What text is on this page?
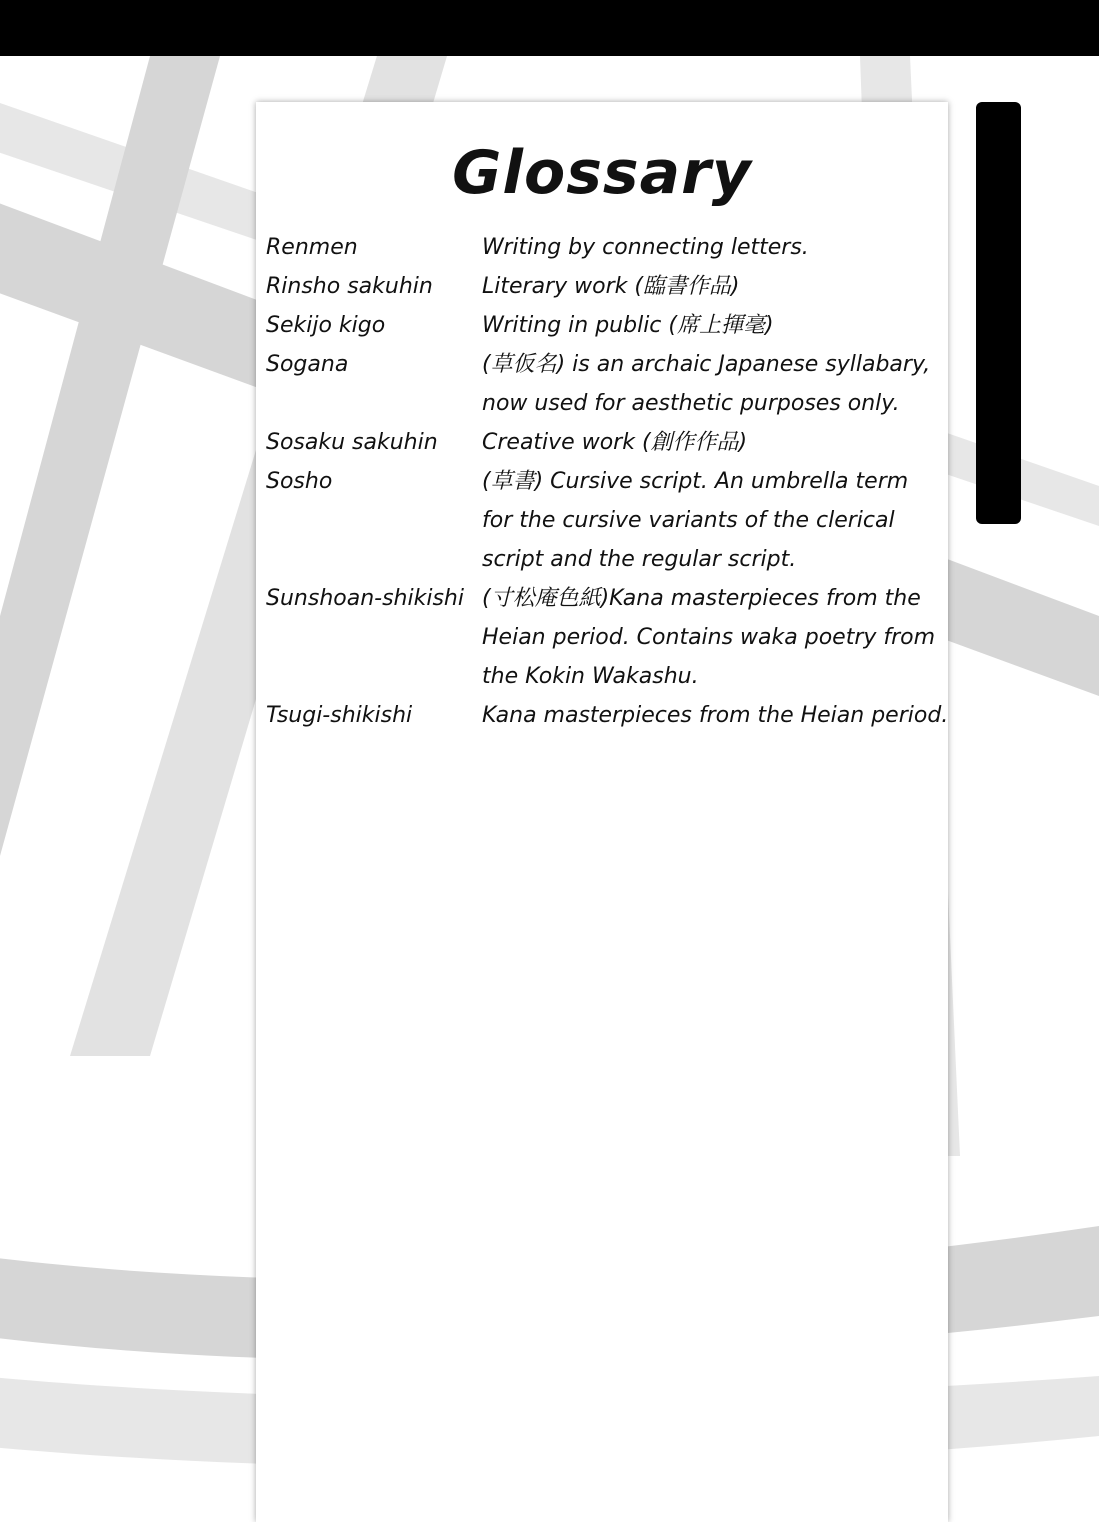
Glossary
Renmen	Writing by connecting letters.
Rinsho sakuhin	Literary work (臨書作品)
Sekijo kigo	Writing in public (席上揮毫)
Sogana	(草仮名) is an archaic Japanese syllabary,
now used for aesthetic purposes only.
Sosaku sakuhin	Creative work (創作作品)
Sosho	(草書) Cursive script. An umbrella term
for the cursive variants of the clerical
script and the regular script.
Sunshoan-shikishi (寸松庵色紙)Kana masterpieces from the
Heian period. Contains waka poetry from
the Kokin Wakashu.
Tsugi-shikishi	Kana masterpieces from the Heian period.
